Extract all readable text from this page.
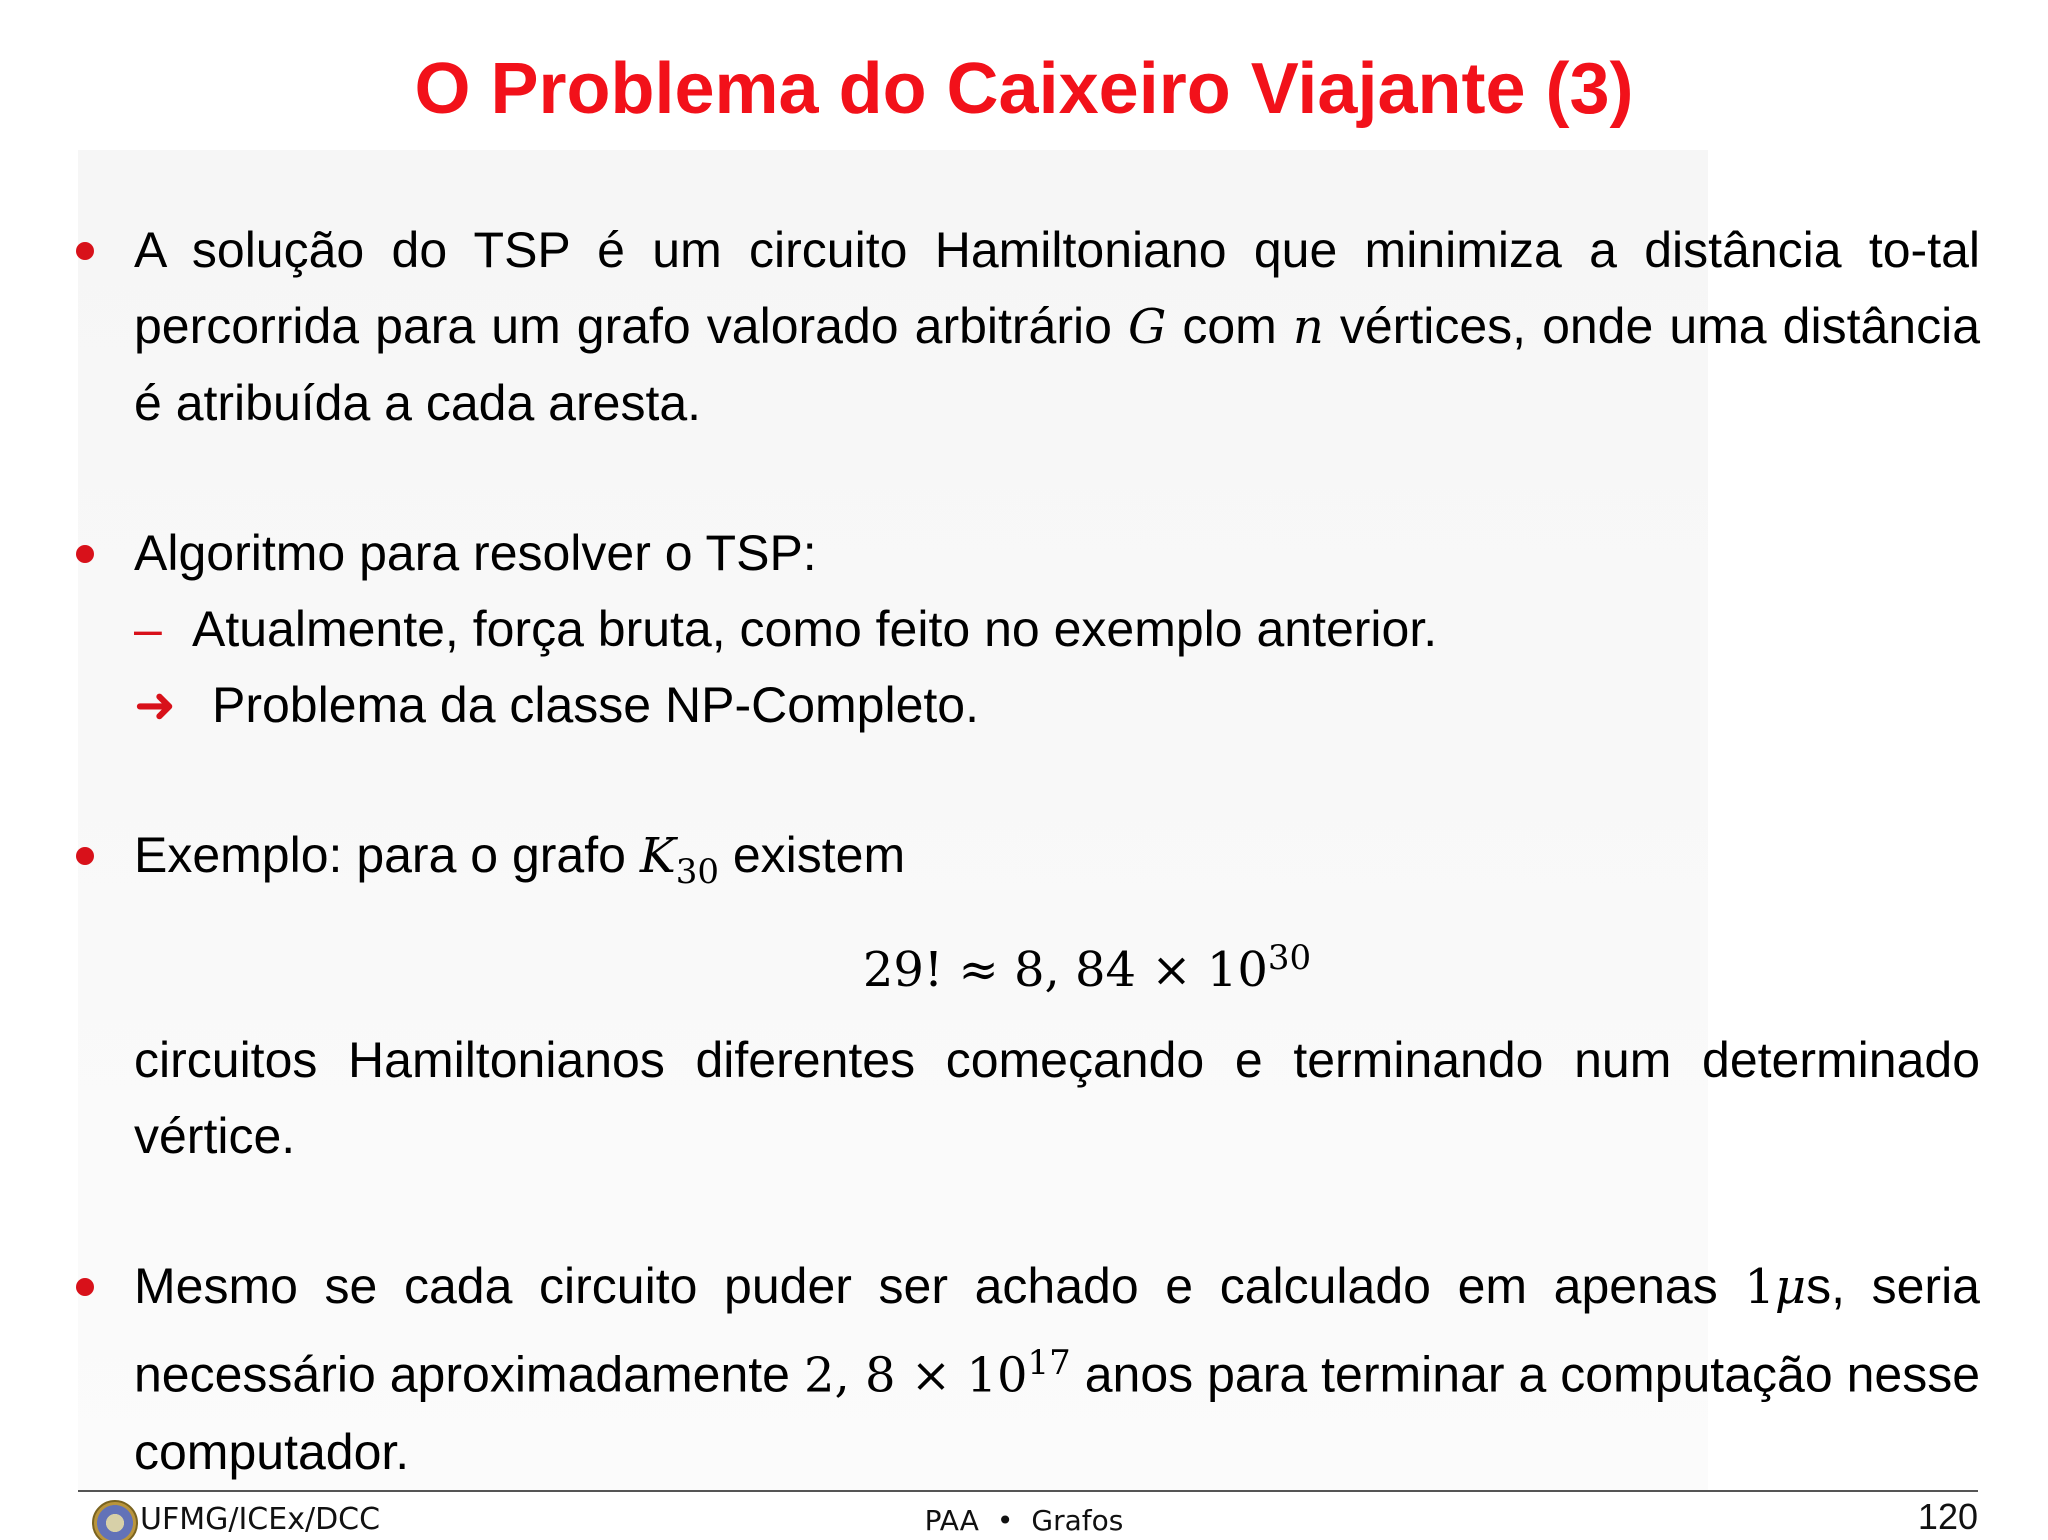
O Problema do Caixeiro Viajante (3)
A solução do TSP é um circuito Hamiltoniano que minimiza a distância to-tal percorrida para um grafo valorado arbitrário G com n vértices, onde uma distância é atribuída a cada aresta.
Algoritmo para resolver o TSP:
– Atualmente, força bruta, como feito no exemplo anterior.
➜ Problema da classe NP-Completo.
Exemplo: para o grafo $K_{30}$ existem
29! ≈ 8, $84 \times 10^{30}$
circuitos Hamiltonianos diferentes começando e terminando num determinado vértice.
Mesmo se cada circuito puder ser achado e calculado em apenas 1μs, seria necessário aproximadamente 2, $8 \times 10^{17}$ anos para terminar a computação nesse computador.
UFMG/ICEx/DCC	PAA • Grafos	120
